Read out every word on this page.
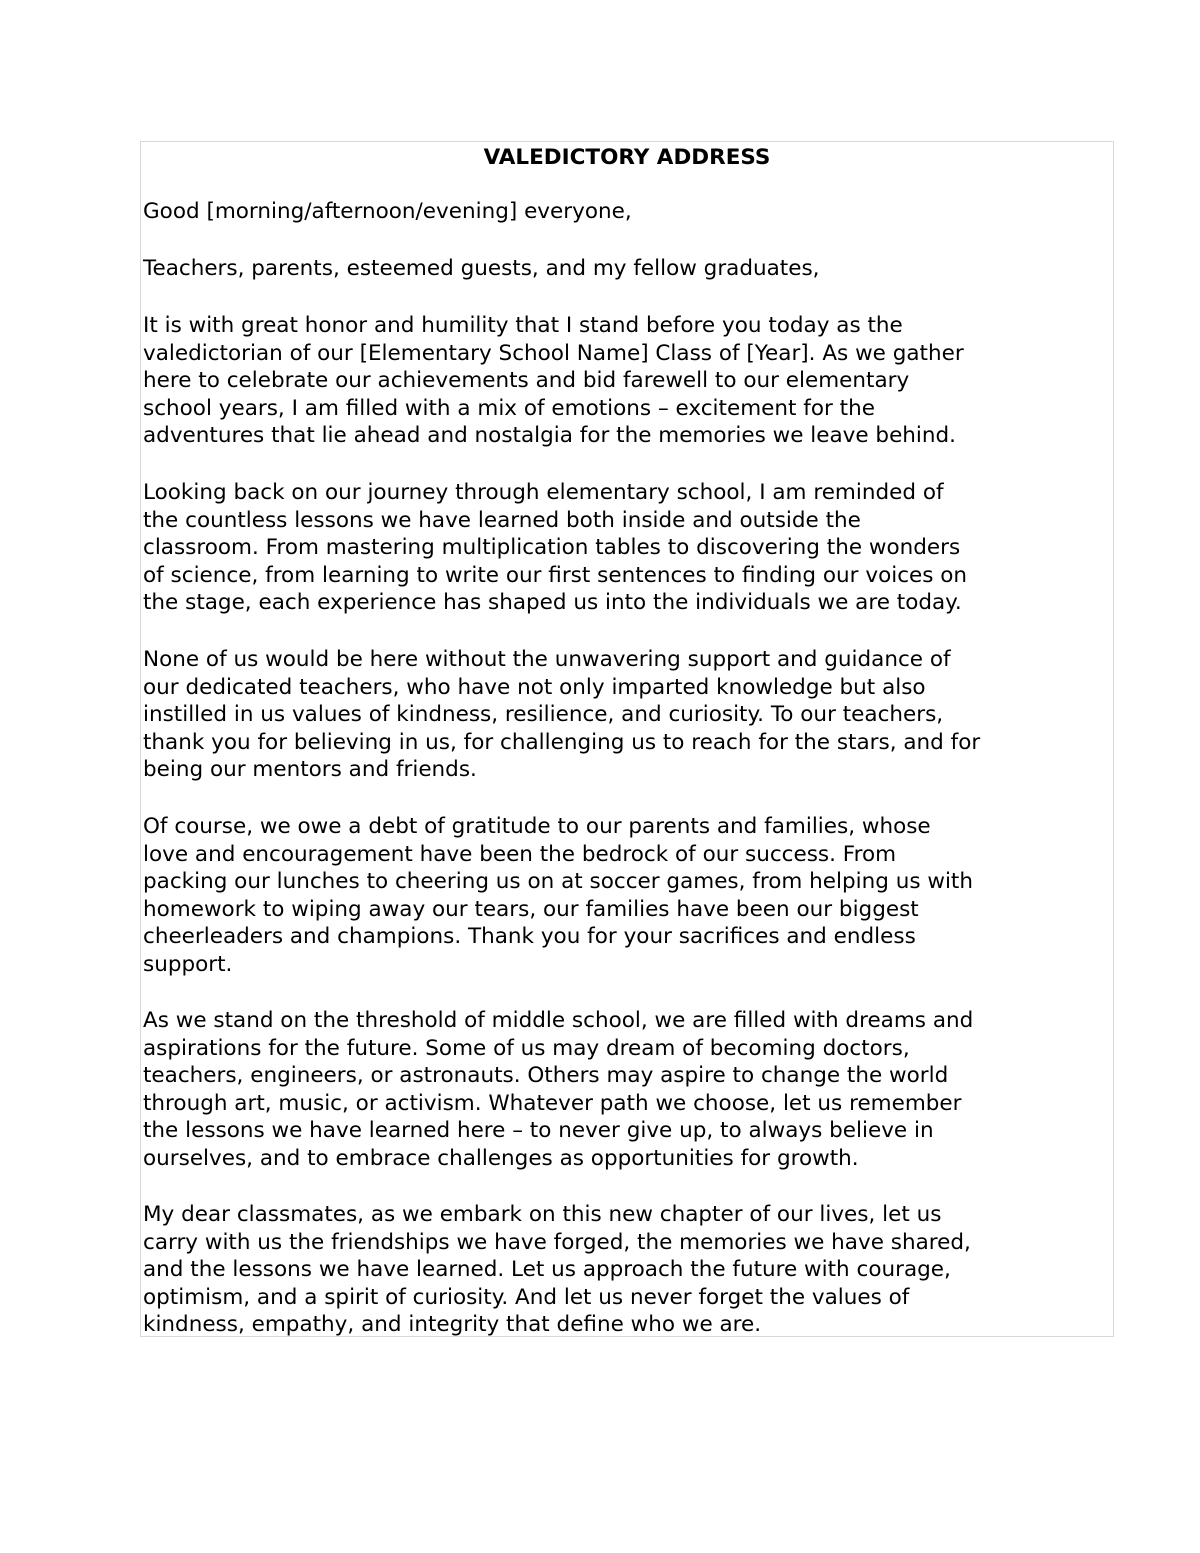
VALEDICTORY ADDRESS

Good [morning/afternoon/evening] everyone,

Teachers, parents, esteemed guests, and my fellow graduates,

It is with great honor and humility that I stand before you today as the
valedictorian of our [Elementary School Name] Class of [Year]. As we gather
here to celebrate our achievements and bid farewell to our elementary
school years, I am filled with a mix of emotions – excitement for the
adventures that lie ahead and nostalgia for the memories we leave behind.

Looking back on our journey through elementary school, I am reminded of
the countless lessons we have learned both inside and outside the
classroom. From mastering multiplication tables to discovering the wonders
of science, from learning to write our first sentences to finding our voices on
the stage, each experience has shaped us into the individuals we are today.

None of us would be here without the unwavering support and guidance of
our dedicated teachers, who have not only imparted knowledge but also
instilled in us values of kindness, resilience, and curiosity. To our teachers,
thank you for believing in us, for challenging us to reach for the stars, and for
being our mentors and friends.

Of course, we owe a debt of gratitude to our parents and families, whose
love and encouragement have been the bedrock of our success. From
packing our lunches to cheering us on at soccer games, from helping us with
homework to wiping away our tears, our families have been our biggest
cheerleaders and champions. Thank you for your sacrifices and endless
support.

As we stand on the threshold of middle school, we are filled with dreams and
aspirations for the future. Some of us may dream of becoming doctors,
teachers, engineers, or astronauts. Others may aspire to change the world
through art, music, or activism. Whatever path we choose, let us remember
the lessons we have learned here – to never give up, to always believe in
ourselves, and to embrace challenges as opportunities for growth.

My dear classmates, as we embark on this new chapter of our lives, let us
carry with us the friendships we have forged, the memories we have shared,
and the lessons we have learned. Let us approach the future with courage,
optimism, and a spirit of curiosity. And let us never forget the values of
kindness, empathy, and integrity that define who we are.
